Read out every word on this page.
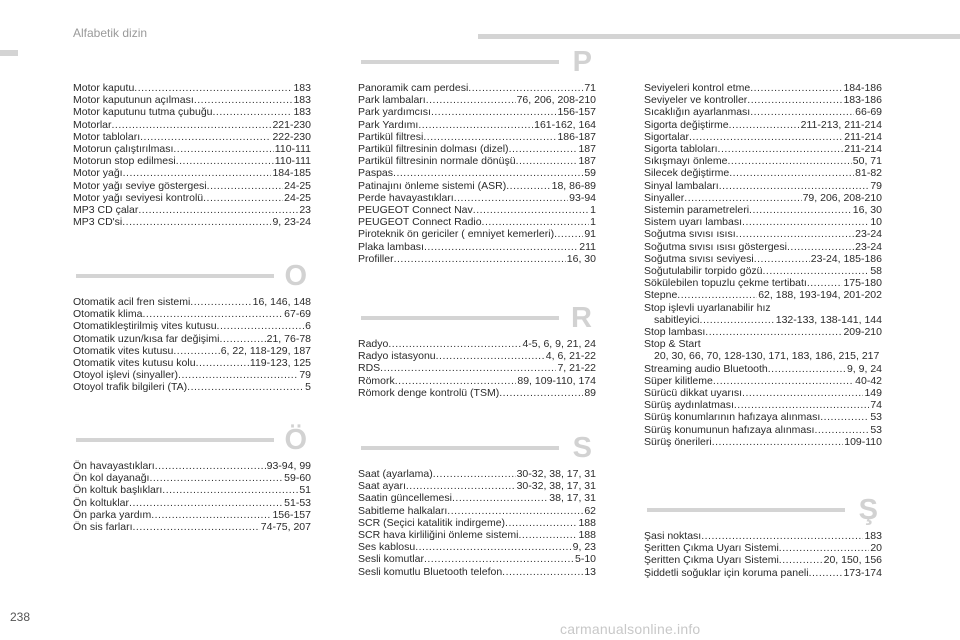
Alfabetik dizin
Motor kaputu .....	183
Motor kaputunun açılması .....	183
Motor kaputunu tutma çubuğu .....	183
Motorlar .....	221-230
Motor tabloları .....	222-230
Motorun çalıştırılması .....	110-111
Motorun stop edilmesi .....	110-111
Motor yağı .....	184-185
Motor yağı seviye göstergesi .....	24-25
Motor yağı seviyesi kontrolü .....	24-25
MP3 CD çalar .....	23
MP3 CD'si .....	9, 23-24
O
Otomatik acil fren sistemi .....	16, 146, 148
Otomatik klima .....	67-69
Otomatikleştirilmiş vites kutusu .....	6
Otomatik uzun/kısa far değişimi .....	21, 76-78
Otomatik vites kutusu .....	6, 22, 118-129, 187
Otomatik vites kutusu kolu .....	119-123, 125
Otoyol işlevi (sinyaller) .....	79
Otoyol trafik bilgileri (TA) .....	5
Ö
Ön havayastıkları .....	93-94, 99
Ön kol dayanağı .....	59-60
Ön koltuk başlıkları .....	51
Ön koltuklar .....	51-53
Ön parka yardım .....	156-157
Ön sis farları .....	74-75, 207
P
Panoramik cam perdesi .....	71
Park lambaları .....	76, 206, 208-210
Park yardımcısı .....	156-157
Park Yardımı .....	161-162, 164
Partikül filtresi .....	186-187
Partikül filtresinin dolması (dizel) .....	187
Partikül filtresinin normale dönüşü .....	187
Paspas .....	59
Patinajını önleme sistemi (ASR) .....	18, 86-89
Perde havayastıkları .....	93-94
PEUGEOT Connect Nav .....	1
PEUGEOT Connect Radio .....	1
Piroteknik ön gericiler ( emniyet kemerleri) .....	91
Plaka lambası .....	211
Profiller .....	16, 30
R
Radyo .....	4-5, 6, 9, 21, 24
Radyo istasyonu .....	4, 6, 21-22
RDS .....	7, 21-22
Römork .....	89, 109-110, 174
Römork denge kontrolü (TSM) .....	89
S
Saat (ayarlama) .....	30-32, 38, 17, 31
Saat ayarı .....	30-32, 38, 17, 31
Saatin güncellemesi .....	38, 17, 31
Sabitleme halkaları .....	62
SCR (Seçici katalitik indirgeme) .....	188
SCR hava kirliliğini önleme sistemi .....	188
Ses kablosu .....	9, 23
Sesli komutlar .....	5-10
Sesli komutlu Bluetooth telefon .....	13
Seviyeleri kontrol etme .....	184-186
Seviyeler ve kontroller .....	183-186
Sıcaklığın ayarlanması .....	66-69
Sigorta değiştirme .....	211-213, 211-214
Sigortalar .....	211-214
Sigorta tabloları .....	211-214
Sıkışmayı önleme .....	50, 71
Silecek değiştirme .....	81-82
Sinyal lambaları .....	79
Sinyaller .....	79, 206, 208-210
Sistemin parametreleri .....	16, 30
Sistem uyarı lambası .....	10
Soğutma sıvısı ısısı .....	23-24
Soğutma sıvısı ısısı göstergesi .....	23-24
Soğutma sıvısı seviyesi .....	23-24, 185-186
Soğutulabilir torpido gözü .....	58
Sökülebilen topuzlu çekme tertibatı .....	175-180
Stepne .....	62, 188, 193-194, 201-202
Stop işlevli uyarlanabilir hız
sabitleyici .....	132-133, 138-141, 144
Stop lambası .....	209-210
Stop & Start
20, 30, 66, 70, 128-130, 171, 183, 186, 215, 217
Streaming audio Bluetooth .....	9, 9, 24
Süper kilitleme .....	40-42
Sürücü dikkat uyarısı .....	149
Sürüş aydınlatması .....	74
Sürüş konumlarının hafızaya alınması .....	53
Sürüş konumunun hafızaya alınması .....	53
Sürüş önerileri .....	109-110
Ş
Şasi noktası .....	183
Şeritten Çıkma Uyarı Sistemi .....	20
Şeritten Çıkma Uyarı Sistemi .....	20, 150, 156
Şiddetli soğuklar için koruma paneli .....	173-174
238
carmanualsonline.info
